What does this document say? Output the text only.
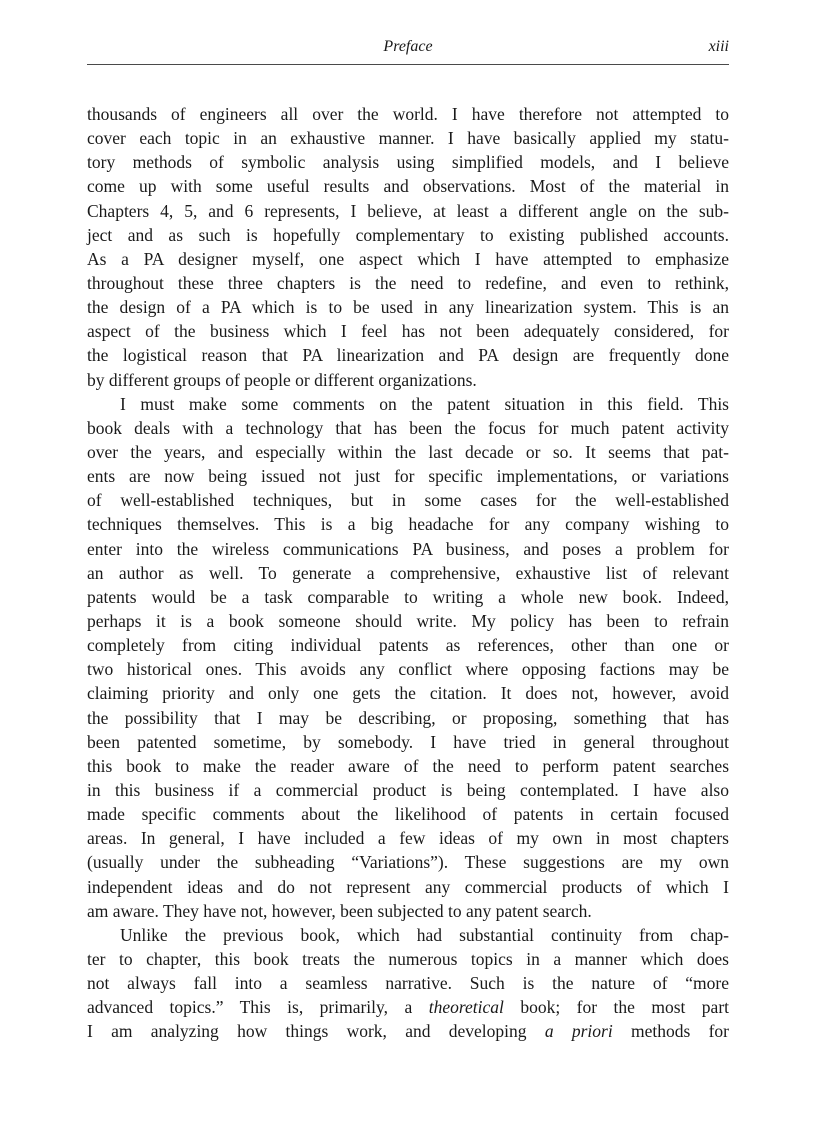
Preface	xiii
thousands of engineers all over the world. I have therefore not attempted to
cover each topic in an exhaustive manner. I have basically applied my statu-
tory methods of symbolic analysis using simplified models, and I believe
come up with some useful results and observations. Most of the material in
Chapters 4, 5, and 6 represents, I believe, at least a different angle on the sub-
ject and as such is hopefully complementary to existing published accounts.
As a PA designer myself, one aspect which I have attempted to emphasize
throughout these three chapters is the need to redefine, and even to rethink,
the design of a PA which is to be used in any linearization system. This is an
aspect of the business which I feel has not been adequately considered, for
the logistical reason that PA linearization and PA design are frequently done
by different groups of people or different organizations.
I must make some comments on the patent situation in this field. This
book deals with a technology that has been the focus for much patent activity
over the years, and especially within the last decade or so. It seems that pat-
ents are now being issued not just for specific implementations, or variations
of well-established techniques, but in some cases for the well-established
techniques themselves. This is a big headache for any company wishing to
enter into the wireless communications PA business, and poses a problem for
an author as well. To generate a comprehensive, exhaustive list of relevant
patents would be a task comparable to writing a whole new book. Indeed,
perhaps it is a book someone should write. My policy has been to refrain
completely from citing individual patents as references, other than one or
two historical ones. This avoids any conflict where opposing factions may be
claiming priority and only one gets the citation. It does not, however, avoid
the possibility that I may be describing, or proposing, something that has
been patented sometime, by somebody. I have tried in general throughout
this book to make the reader aware of the need to perform patent searches
in this business if a commercial product is being contemplated. I have also
made specific comments about the likelihood of patents in certain focused
areas. In general, I have included a few ideas of my own in most chapters
(usually under the subheading “Variations”). These suggestions are my own
independent ideas and do not represent any commercial products of which I
am aware. They have not, however, been subjected to any patent search.
Unlike the previous book, which had substantial continuity from chap-
ter to chapter, this book treats the numerous topics in a manner which does
not always fall into a seamless narrative. Such is the nature of “more
advanced topics.” This is, primarily, a theoretical book; for the most part
I am analyzing how things work, and developing a priori methods for
